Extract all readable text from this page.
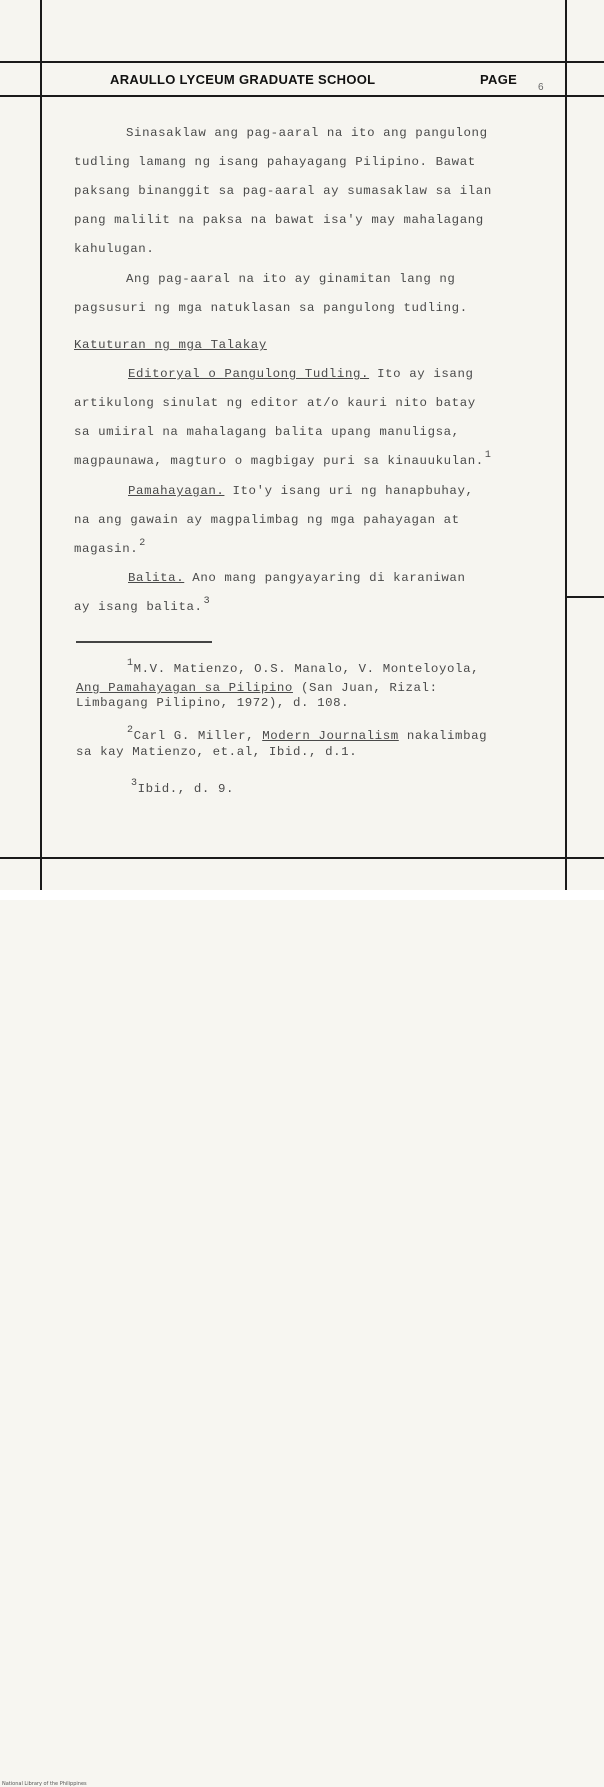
ARAULLO LYCEUM GRADUATE SCHOOL	PAGE
6
Sinasaklaw ang pag-aaral na ito ang pangulong
tudling lamang ng isang pahayagang Pilipino. Bawat
paksang binanggit sa pag-aaral ay sumasaklaw sa ilan
pang malilit na paksa na bawat isa'y may mahalagang
kahulugan.
Ang pag-aaral na ito ay ginamitan lang ng
pagsusuri ng mga natuklasan sa pangulong tudling.
Katuturan ng mga Talakay
Editoryal o Pangulong Tudling. Ito ay isang
artikulong sinulat ng editor at/o kauri nito batay
sa umiiral na mahalagang balita upang manuligsa,
magpaunawa, magturo o magbigay puri sa kinauukulan.$^1$
Pamahayagan. Ito'y isang uri ng hanapbuhay,
na ang gawain ay magpalimbag ng mga pahayagan at
magasin.$^2$
Balita. Ano mang pangyayaring di karaniwan
ay isang balita.$^3$
$^1$M.V. Matienzo, O.S. Manalo, V. Monteloyola,
Ang Pamahayagan sa Pilipino (San Juan, Rizal:
Limbagang Pilipino, 1972), d. 108.
$^2$Carl G. Miller, Modern Journalism nakalimbag
sa kay Matienzo, et.al, Ibid., d.1.
$^3$Ibid., d. 9.
National Library of the Philippines
